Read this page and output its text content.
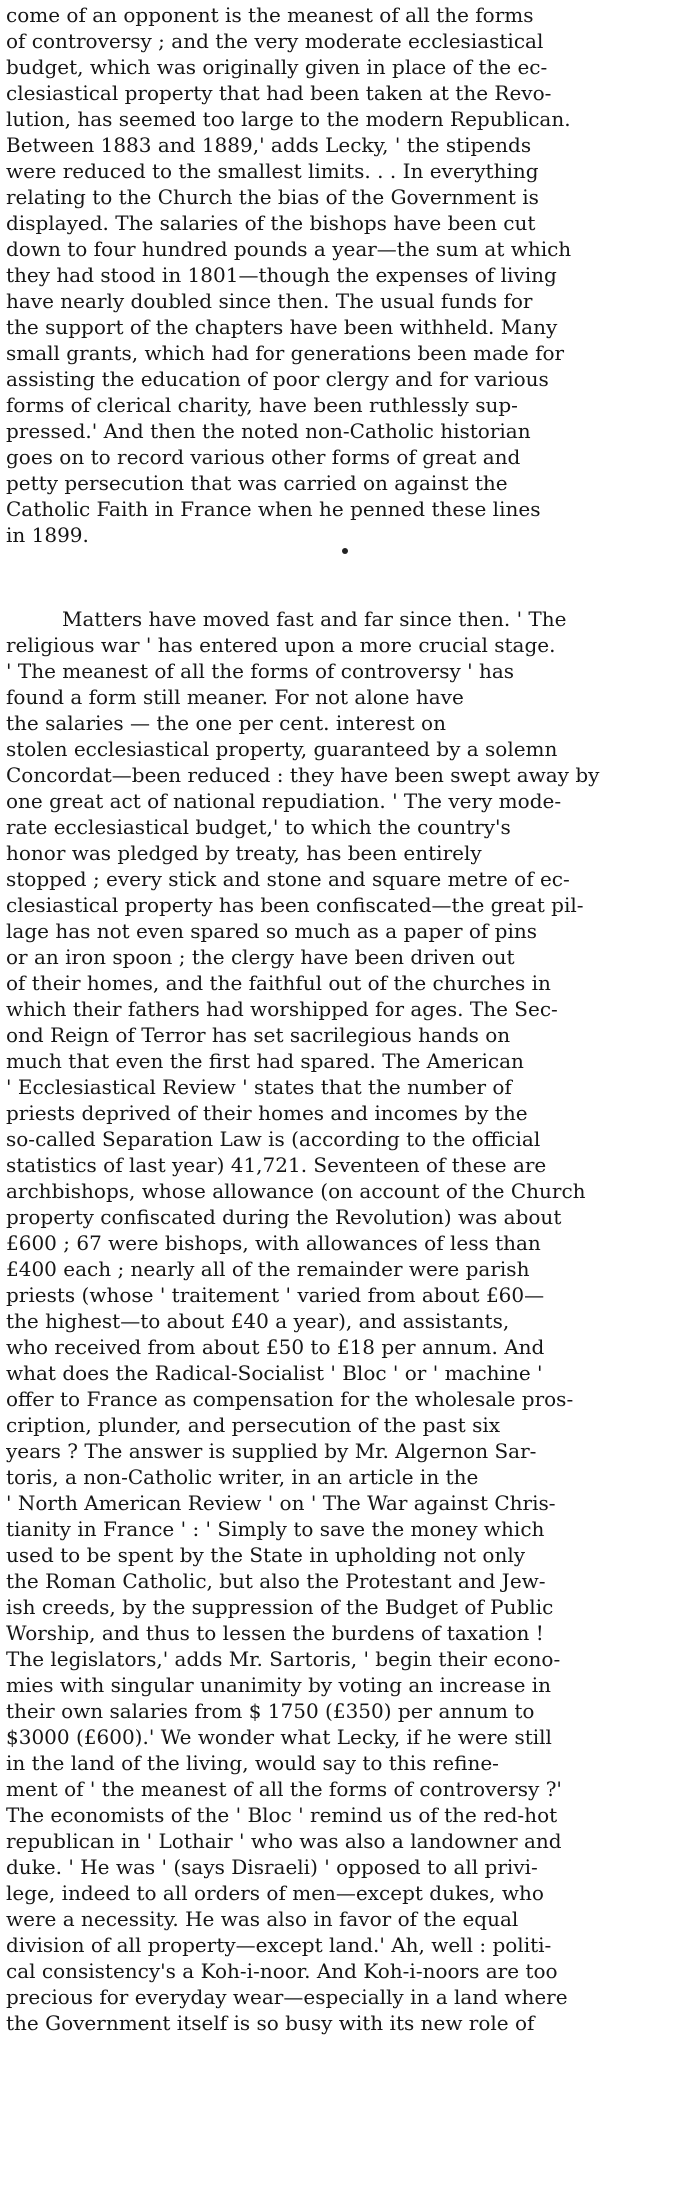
come of an opponent is the meanest of all the forms
of controversy ; and the very moderate ecclesiastical
budget, which was originally given in place of the ec-
clesiastical property that had been taken at the Revo-
lution, has seemed too large to the modern Republican.
Between 1883 and 1889,' adds Lecky, ' the stipends
were reduced to the smallest limits. . . In everything
relating to the Church the bias of the Government is
displayed. The salaries of the bishops have been cut
down to four hundred pounds a year—the sum at which
they had stood in 1801—though the expenses of living
have nearly doubled since then. The usual funds for
the support of the chapters have been withheld. Many
small grants, which had for generations been made for
assisting the education of poor clergy and for various
forms of clerical charity, have been ruthlessly sup-
pressed.' And then the noted non-Catholic historian
goes on to record various other forms of great and
petty persecution that was carried on against the
Catholic Faith in France when he penned these lines
in 1899.
Matters have moved fast and far since then. ' The
religious war ' has entered upon a more crucial stage.
' The meanest of all the forms of controversy ' has
found a form still meaner. For not alone have
the salaries — the one per cent. interest on
stolen ecclesiastical property, guaranteed by a solemn
Concordat—been reduced : they have been swept away by
one great act of national repudiation. ' The very mode-
rate ecclesiastical budget,' to which the country's
honor was pledged by treaty, has been entirely
stopped ; every stick and stone and square metre of ec-
clesiastical property has been confiscated—the great pil-
lage has not even spared so much as a paper of pins
or an iron spoon ; the clergy have been driven out
of their homes, and the faithful out of the churches in
which their fathers had worshipped for ages. The Sec-
ond Reign of Terror has set sacrilegious hands on
much that even the first had spared. The American
' Ecclesiastical Review ' states that the number of
priests deprived of their homes and incomes by the
so-called Separation Law is (according to the official
statistics of last year) 41,721. Seventeen of these are
archbishops, whose allowance (on account of the Church
property confiscated during the Revolution) was about
£600 ; 67 were bishops, with allowances of less than
£400 each ; nearly all of the remainder were parish
priests (whose ' traitement ' varied from about £60—
the highest—to about £40 a year), and assistants,
who received from about £50 to £18 per annum. And
what does the Radical-Socialist ' Bloc ' or ' machine '
offer to France as compensation for the wholesale pros-
cription, plunder, and persecution of the past six
years ? The answer is supplied by Mr. Algernon Sar-
toris, a non-Catholic writer, in an article in the
' North American Review ' on ' The War against Chris-
tianity in France ' : ' Simply to save the money which
used to be spent by the State in upholding not only
the Roman Catholic, but also the Protestant and Jew-
ish creeds, by the suppression of the Budget of Public
Worship, and thus to lessen the burdens of taxation !
The legislators,' adds Mr. Sartoris, ' begin their econo-
mies with singular unanimity by voting an increase in
their own salaries from $ 1750 (£350) per annum to
$3000 (£600).' We wonder what Lecky, if he were still
in the land of the living, would say to this refine-
ment of ' the meanest of all the forms of controversy ?'
The economists of the ' Bloc ' remind us of the red-hot
republican in ' Lothair ' who was also a landowner and
duke. ' He was ' (says Disraeli) ' opposed to all privi-
lege, indeed to all orders of men—except dukes, who
were a necessity. He was also in favor of the equal
division of all property—except land.' Ah, well : politi-
cal consistency's a Koh-i-noor. And Koh-i-noors are too
precious for everyday wear—especially in a land where
the Government itself is so busy with its new role of
